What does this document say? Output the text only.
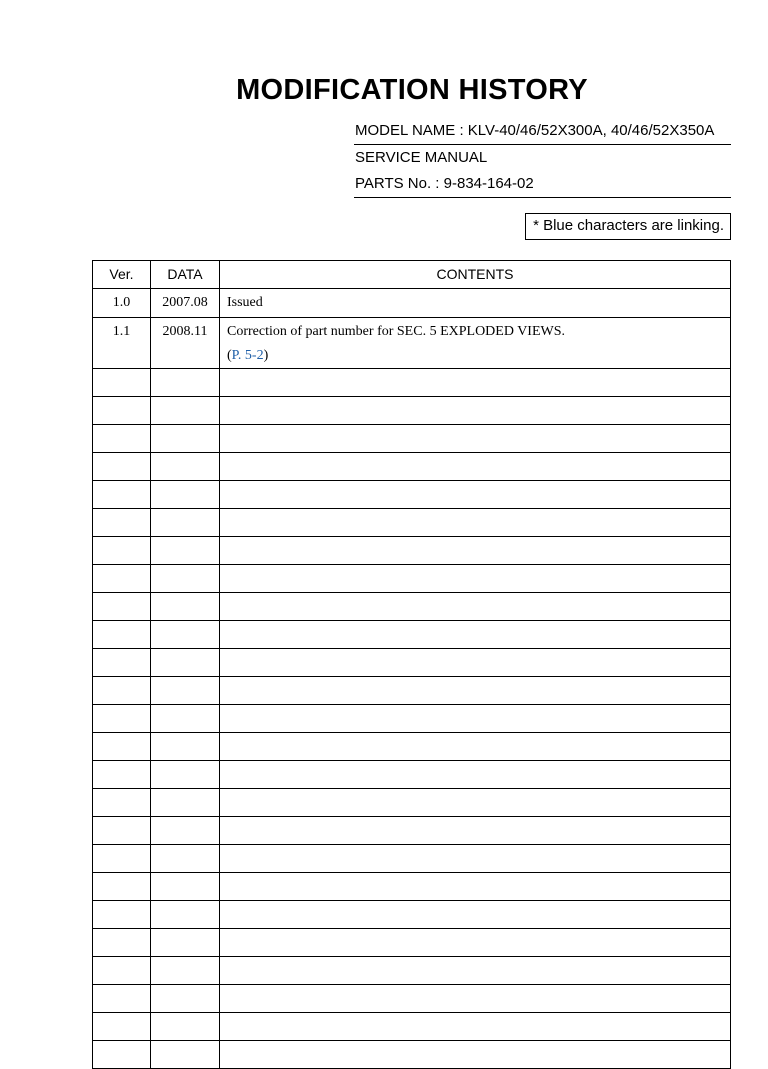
MODIFICATION HISTORY
MODEL NAME : KLV-40/46/52X300A, 40/46/52X350A
SERVICE MANUAL
PARTS No. : 9-834-164-02
* Blue characters are linking.
Ver.	DATA	CONTENTS
1.0	2007.08	Issued
1.1	2008.11	Correction of part number for SEC. 5 EXPLODED VIEWS.
(P. 5-2)
